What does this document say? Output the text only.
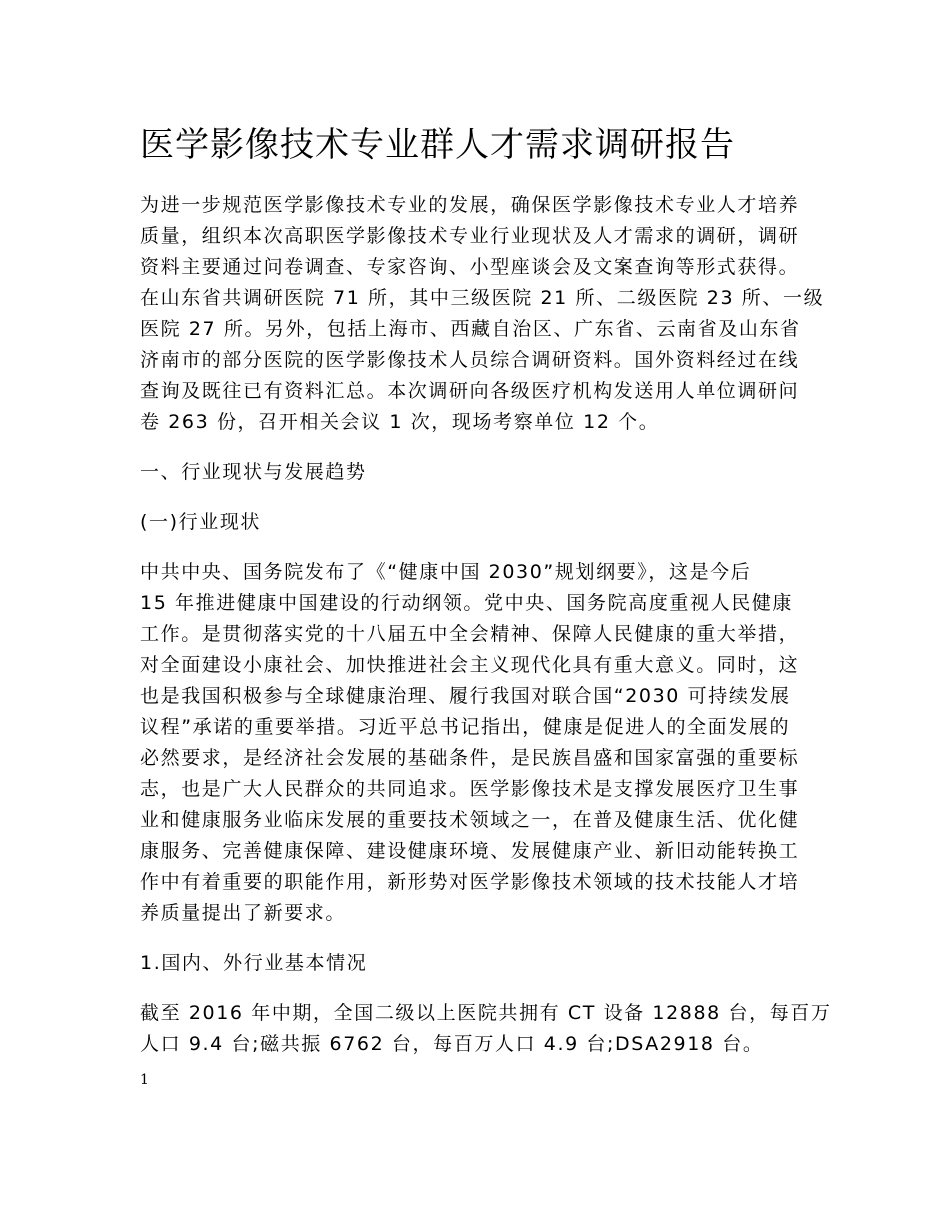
医学影像技术专业群人才需求调研报告

为进一步规范医学影像技术专业的发展，确保医学影像技术专业人才培养
质量，组织本次高职医学影像技术专业行业现状及人才需求的调研，调研
资料主要通过问卷调查、专家咨询、小型座谈会及文案查询等形式获得。
在山东省共调研医院 71 所，其中三级医院 21 所、二级医院 23 所、一级
医院 27 所。另外，包括上海市、西藏自治区、广东省、云南省及山东省
济南市的部分医院的医学影像技术人员综合调研资料。国外资料经过在线
查询及既往已有资料汇总。本次调研向各级医疗机构发送用人单位调研问
卷 263 份，召开相关会议 1 次，现场考察单位 12 个。

一、行业现状与发展趋势

(一)行业现状

中共中央、国务院发布了《“健康中国 2030”规划纲要》，这是今后
15 年推进健康中国建设的行动纲领。党中央、国务院高度重视人民健康
工作。是贯彻落实党的十八届五中全会精神、保障人民健康的重大举措，
对全面建设小康社会、加快推进社会主义现代化具有重大意义。同时，这
也是我国积极参与全球健康治理、履行我国对联合国“2030 可持续发展
议程”承诺的重要举措。习近平总书记指出，健康是促进人的全面发展的
必然要求，是经济社会发展的基础条件，是民族昌盛和国家富强的重要标
志，也是广大人民群众的共同追求。医学影像技术是支撑发展医疗卫生事
业和健康服务业临床发展的重要技术领域之一，在普及健康生活、优化健
康服务、完善健康保障、建设健康环境、发展健康产业、新旧动能转换工
作中有着重要的职能作用，新形势对医学影像技术领域的技术技能人才培
养质量提出了新要求。

1.国内、外行业基本情况

截至 2016 年中期，全国二级以上医院共拥有 CT 设备 12888 台，每百万
人口 9.4 台;磁共振 6762 台，每百万人口 4.9 台;DSA2918 台。

1
